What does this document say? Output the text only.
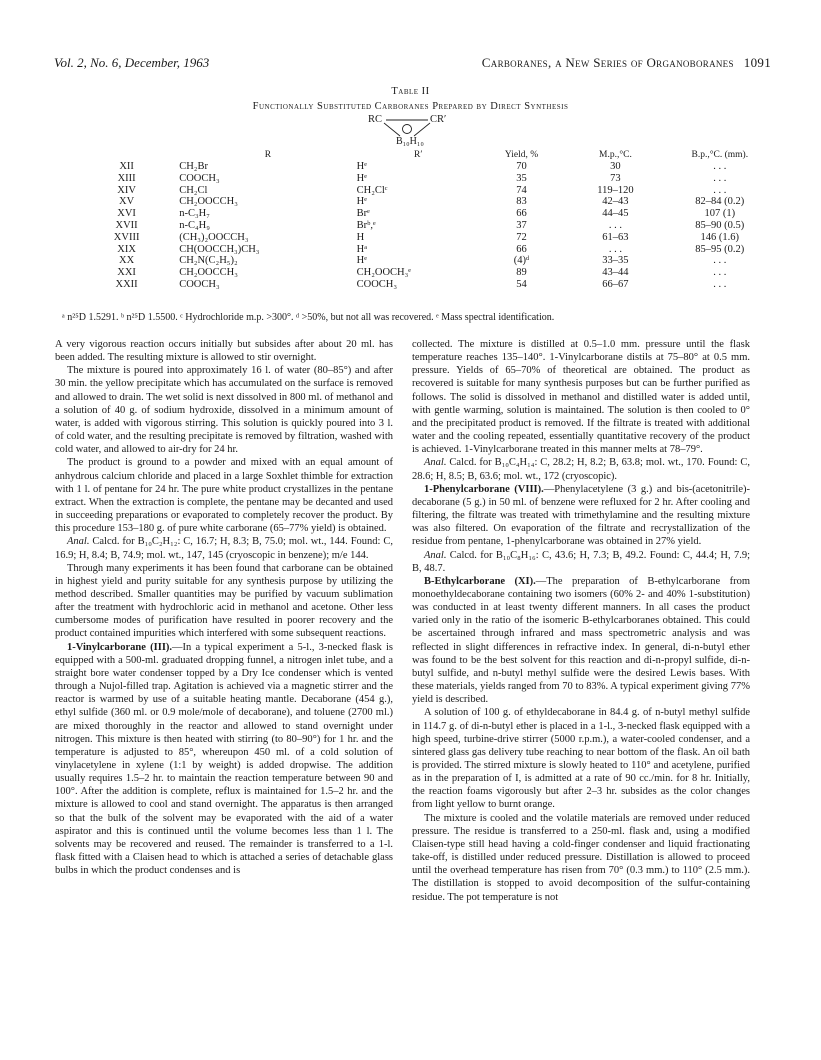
Vol. 2, No. 6, December, 1963	Carboranes, a New Series of Organoboranes 1091
Table II
Functionally Substituted Carboranes Prepared by Direct Synthesis
RC	CR′
B₁₀H₁₀
	R	R′	Yield, %	M.p.,°C.	B.p.,°C. (mm).
XII	CH₂Br	Hᵉ	70	30	. . .
XIII	COOCH₃	Hᵉ	35	73	. . .
XIV	CH₂Cl	CH₂Clᶜ	74	119–120	. . .
XV	CH₂OOCCH₃	Hᵉ	83	42–43	82–84 (0.2)
XVI	n-C₃H₇	Brᵉ	66	44–45	107 (1)
XVII	n-C₄H₉	Brᵇ,ᵉ	37	. . .	85–90 (0.5)
XVIII	(CH₃)₂OOCCH₃	H	72	61–63	146 (1.6)
XIX	CH(OOCCH₃)CH₃	Hᵃ	66	. . .	85–95 (0.2)
XX	CH₂N(C₂H₅)₂	Hᵉ	(4)ᵈ	33–35	. . .
XXI	CH₂OOCCH₃	CH₂OOCH₃ᵉ	89	43–44	. . .
XXII	COOCH₃	COOCH₃	54	66–67	. . .
ᵃ n²⁵D 1.5291. ᵇ n²⁵D 1.5500. ᶜ Hydrochloride m.p. >300°. ᵈ >50%, but not all was recovered. ᵉ Mass spectral identification.

A very vigorous reaction occurs initially but subsides after about 20 ml. has been added. The resulting mixture is allowed to stir overnight.

The mixture is poured into approximately 16 l. of water (80–85°) and after 30 min. the yellow precipitate which has accumulated on the surface is removed and allowed to drain. The wet solid is next dissolved in 800 ml. of methanol and a solution of 40 g. of sodium hydroxide, dissolved in a minimum amount of water, is added with vigorous stirring. This solution is quickly poured into 3 l. of cold water, and the resulting precipitate is removed by filtration, washed with cold water, and allowed to air-dry for 24 hr.

The product is ground to a powder and mixed with an equal amount of anhydrous calcium chloride and placed in a large Soxhlet thimble for extraction with 1 l. of pentane for 24 hr. The pure white product crystallizes in the pentane extract. When the extraction is complete, the pentane may be decanted and used in succeeding preparations or evaporated to completely recover the product. By this procedure 153–180 g. of pure white carborane (65–77% yield) is obtained.

Anal. Calcd. for B₁₀C₂H₁₂: C, 16.7; H, 8.3; B, 75.0; mol. wt., 144. Found: C, 16.9; H, 8.4; B, 74.9; mol. wt., 147, 145 (cryoscopic in benzene); m/e 144.

Through many experiments it has been found that carborane can be obtained in highest yield and purity suitable for any synthesis purpose by utilizing the method described. Smaller quantities may be purified by vacuum sublimation after the treatment with hydrochloric acid in methanol and acetone. Other less cumbersome modes of purification have resulted in poorer recovery and the product contained impurities which interfered with some subsequent reactions.

1-Vinylcarborane (III).—In a typical experiment a 5-l., 3-necked flask is equipped with a 500-ml. graduated dropping funnel, a nitrogen inlet tube, and a straight bore water condenser topped by a Dry Ice condenser which is vented through a Nujol-filled trap. Agitation is achieved via a magnetic stirrer and the reactor is warmed by use of a suitable heating mantle. Decaborane (454 g.), ethyl sulfide (360 ml. or 0.9 mole/mole of decaborane), and toluene (2700 ml.) are mixed thoroughly in the reactor and allowed to stand overnight under nitrogen. This mixture is then heated with stirring (to 80–90°) for 1 hr. and the temperature is adjusted to 85°, whereupon 450 ml. of a cold solution of vinylacetylene in xylene (1:1 by weight) is added dropwise. The addition usually requires 1.5–2 hr. to maintain the reaction temperature between 90 and 100°. After the addition is complete, reflux is maintained for 1.5–2 hr. and the mixture is allowed to cool and stand overnight. The apparatus is then arranged so that the bulk of the solvent may be evaporated with the aid of a water aspirator and this is continued until the volume becomes less than 1 l. The solvents may be recovered and reused. The remainder is transferred to a 1-l. flask fitted with a Claisen head to which is attached a series of detachable glass bulbs in which the product condenses and is

collected. The mixture is distilled at 0.5–1.0 mm. pressure until the flask temperature reaches 135–140°. 1-Vinylcarborane distils at 75–80° at 0.5 mm. pressure. Yields of 65–70% of theoretical are obtained. The product as recovered is suitable for many synthesis purposes but can be further purified as follows. The solid is dissolved in methanol and distilled water is added until, with gentle warming, solution is maintained. The solution is then cooled to 0° and the precipitated product is removed. If the filtrate is treated with additional water and the cooling repeated, essentially quantitative recovery of the product is achieved. 1-Vinylcarborane treated in this manner melts at 78–79°.

Anal. Calcd. for B₁₀C₄H₁₄: C, 28.2; H, 8.2; B, 63.8; mol. wt., 170. Found: C, 28.6; H, 8.5; B, 63.6; mol. wt., 172 (cryoscopic).

1-Phenylcarborane (VIII).—Phenylacetylene (3 g.) and bis-(acetonitrile)-decaborane (5 g.) in 50 ml. of benzene were refluxed for 2 hr. After cooling and filtering, the filtrate was treated with trimethylamine and the resulting mixture was also filtered. On evaporation of the filtrate and recrystallization of the residue from pentane, 1-phenylcarborane was obtained in 27% yield.

Anal. Calcd. for B₁₀C₈H₁₆: C, 43.6; H, 7.3; B, 49.2. Found: C, 44.4; H, 7.9; B, 48.7.

B-Ethylcarborane (XI).—The preparation of B-ethylcarborane from monoethyldecaborane containing two isomers (60% 2- and 40% 1-substitution) was conducted in at least twenty different manners. In all cases the product varied only in the ratio of the isomeric B-ethylcarboranes obtained. This could be ascertained through infrared and mass spectrometric analysis and was reflected in slight differences in refractive index. In general, di-n-butyl ether was found to be the best solvent for this reaction and di-n-propyl sulfide, di-n-butyl sulfide, and n-butyl methyl sulfide were the desired Lewis bases. With these materials, yields ranged from 70 to 83%. A typical experiment giving 77% yield is described.

A solution of 100 g. of ethyldecaborane in 84.4 g. of n-butyl methyl sulfide in 114.7 g. of di-n-butyl ether is placed in a 1-l., 3-necked flask equipped with a high speed, turbine-drive stirrer (5000 r.p.m.), a water-cooled condenser, and a sintered glass gas delivery tube reaching to near bottom of the flask. An oil bath is provided. The stirred mixture is slowly heated to 110° and acetylene, purified as in the preparation of I, is admitted at a rate of 90 cc./min. for 8 hr. Initially, the reaction foams vigorously but after 2–3 hr. subsides as the color changes from light yellow to burnt orange.

The mixture is cooled and the volatile materials are removed under reduced pressure. The residue is transferred to a 250-ml. flask and, using a modified Claisen-type still head having a cold-finger condenser and liquid fractionating take-off, is distilled under reduced pressure. Distillation is allowed to proceed until the overhead temperature has risen from 70° (0.3 mm.) to 110° (2.5 mm.). The distillation is stopped to avoid decomposition of the sulfur-containing residue. The pot temperature is not
